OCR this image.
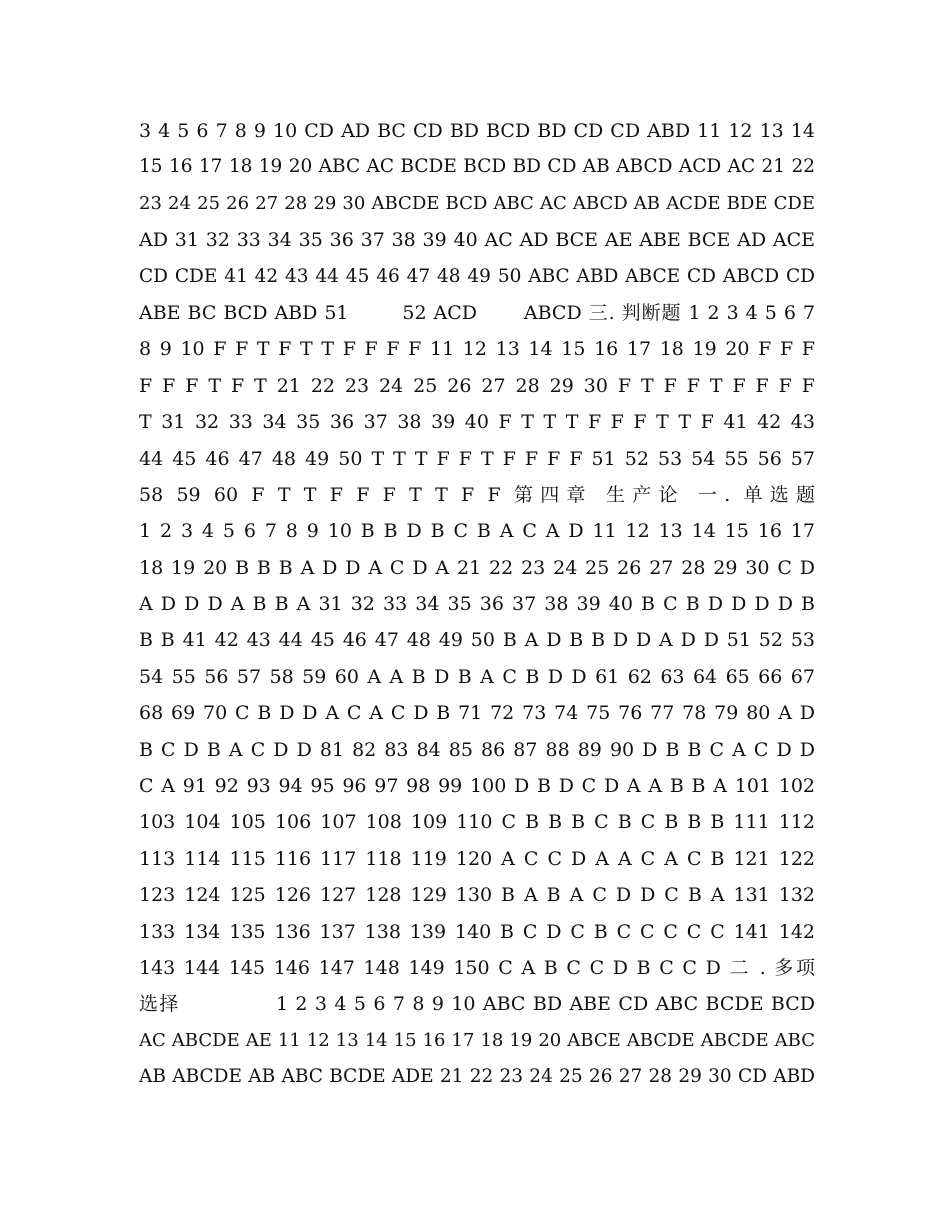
3 4 5 6 7 8 9 10 CD AD BC CD BD BCD BD CD CD ABD 11 12 13 14
15 16 17 18 19 20 ABC AC BCDE BCD BD CD AB ABCD ACD AC 21 22
23 24 25 26 27 28 29 30 ABCDE BCD ABC AC ABCD AB ACDE BDE CDE
AD 31 32 33 34 35 36 37 38 39 40 AC AD BCE AE ABE BCE AD ACE
CD CDE 41 42 43 44 45 46 47 48 49 50 ABC ABD ABCE CD ABCD CD
ABE BC BCD ABD 51 　　 52 ACD 　　ABCD 三. 判断题 1 2 3 4 5 6 7
8 9 10 F F T F T T F F F F 11 12 13 14 15 16 17 18 19 20 F F F
F F F T F T 21 22 23 24 25 26 27 28 29 30 F T F F T F F F F
T 31 32 33 34 35 36 37 38 39 40 F T T T F F F T T F 41 42 43
44 45 46 47 48 49 50 T T T F F T F F F F 51 52 53 54 55 56 57
58 59 60 F T T F F F T T F F 第四章 生产论 一. 单选题
1 2 3 4 5 6 7 8 9 10 B B D B C B A C A D 11 12 13 14 15 16 17
18 19 20 B B B A D D A C D A 21 22 23 24 25 26 27 28 29 30 C D
A D D D A B B A 31 32 33 34 35 36 37 38 39 40 B C B D D D D B
B B 41 42 43 44 45 46 47 48 49 50 B A D B B D D A D D 51 52 53
54 55 56 57 58 59 60 A A B D B A C B D D 61 62 63 64 65 66 67
68 69 70 C B D D A C A C D B 71 72 73 74 75 76 77 78 79 80 A D
B C D B A C D D 81 82 83 84 85 86 87 88 89 90 D B B C A C D D
C A 91 92 93 94 95 96 97 98 99 100 D B D C D A A B B A 101 102
103 104 105 106 107 108 109 110 C B B B C B C B B B 111 112
113 114 115 116 117 118 119 120 A C C D A A C A C B 121 122
123 124 125 126 127 128 129 130 B A B A C D D C B A 131 132
133 134 135 136 137 138 139 140 B C D C B C C C C C 141 142
143 144 145 146 147 148 149 150 C A B C C D B C C D 二 . 多项
选择 　　　　 1 2 3 4 5 6 7 8 9 10 ABC BD ABE CD ABC BCDE BCD
AC ABCDE AE 11 12 13 14 15 16 17 18 19 20 ABCE ABCDE ABCDE ABC
AB ABCDE AB ABC BCDE ADE 21 22 23 24 25 26 27 28 29 30 CD ABD
